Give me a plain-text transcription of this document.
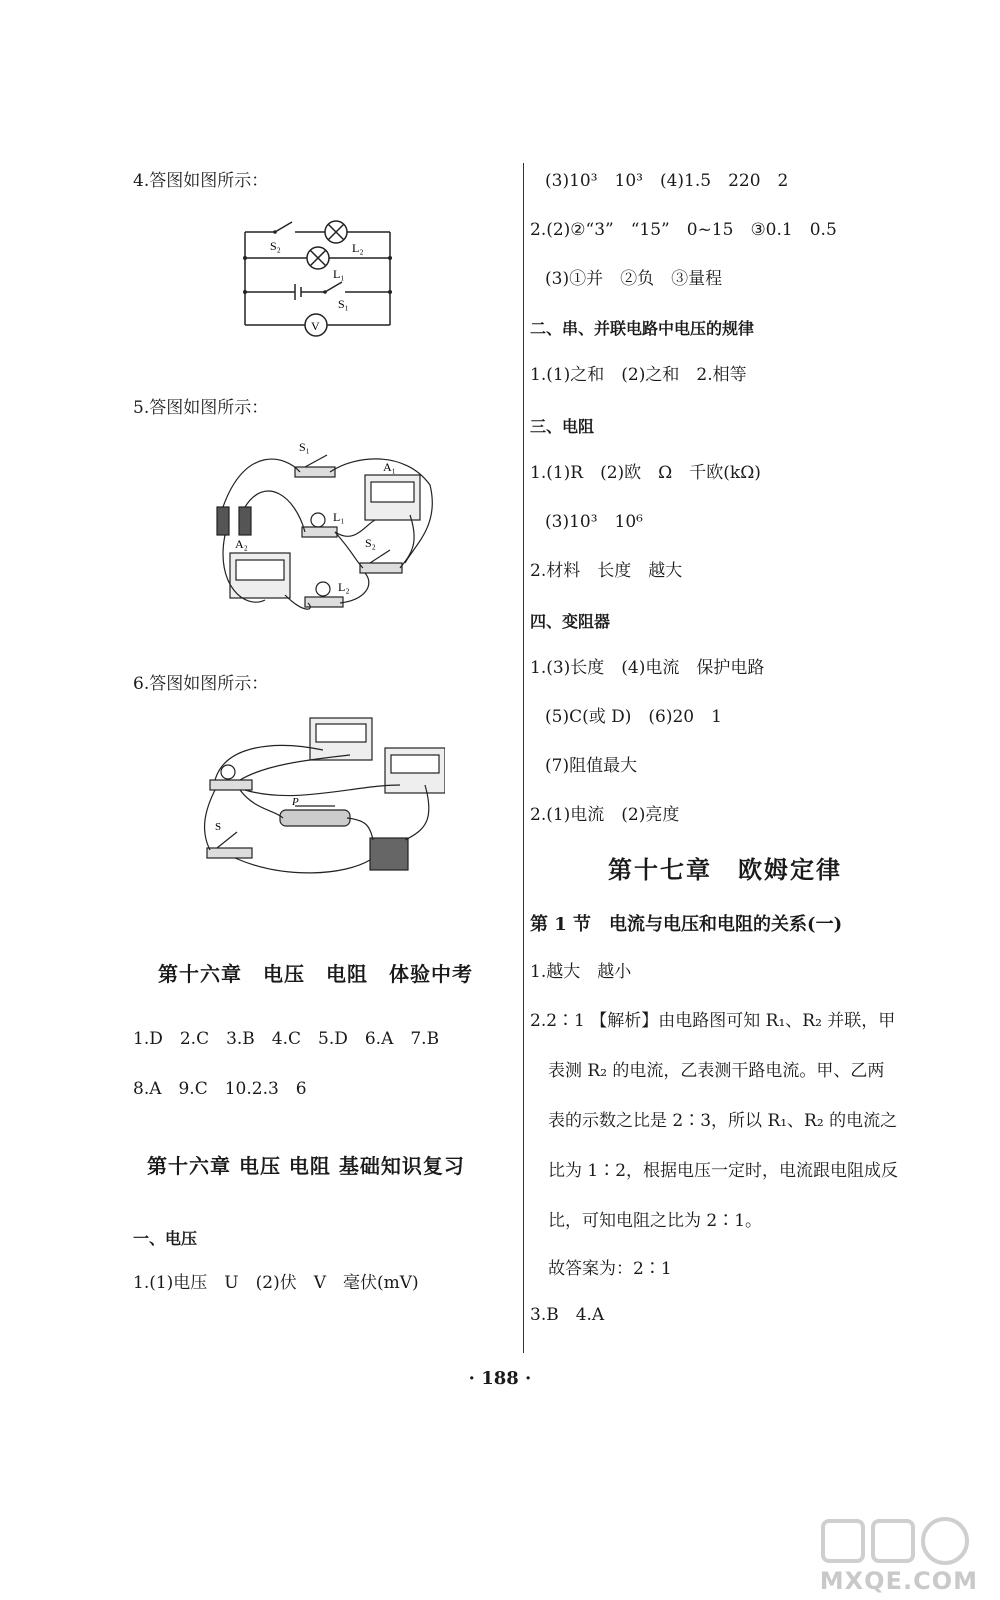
4.答图如图所示：
S₂	L₂
L₁
S₁
V
5.答图如图所示：
S₁
A₁
L₁
A₂	S₂
L₂
6.答图如图所示：
P
S
第十六章　电压　电阻　体验中考
1.D　2.C　3.B　4.C　5.D　6.A　7.B
8.A　9.C　10.2.3　6
第十六章 电压 电阻 基础知识复习
一、电压
1.(1)电压　U　(2)伏　V　毫伏(mV)
(3)10³　10³　(4)1.5　220　2
2.(2)②“3”　“15”　0~15　③0.1　0.5
(3)①并　②负　③量程
二、串、并联电路中电压的规律
1.(1)之和　(2)之和　2.相等
三、电阻
1.(1)R　(2)欧　Ω　千欧(kΩ)
(3)10³　10⁶
2.材料　长度　越大
四、变阻器
1.(3)长度　(4)电流　保护电路
(5)C(或 D)　(6)20　1
(7)阻值最大
2.(1)电流　(2)亮度
第十七章　欧姆定律
第 1 节　电流与电压和电阻的关系(一)
1.越大　越小
2.2∶1 【解析】由电路图可知 R₁、R₂ 并联，甲
表测 R₂ 的电流，乙表测干路电流。甲、乙两
表的示数之比是 2∶3，所以 R₁、R₂ 的电流之
比为 1∶2，根据电压一定时，电流跟电阻成反
比，可知电阻之比为 2∶1。
故答案为：2∶1
3.B　4.A
· 188 ·
MXQE.COM
